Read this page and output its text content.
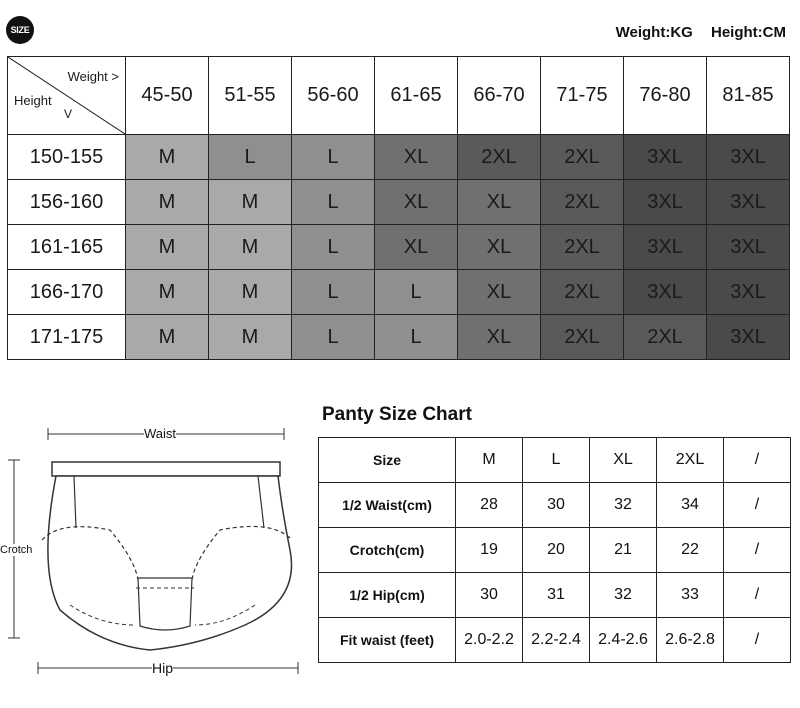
SIZE	Weight:KG Height:CM
Weight >
Height
V	45-50	51-55	56-60	61-65	66-70	71-75	76-80	81-85
150-155	M	L	L	XL	2XL	2XL	3XL	3XL
156-160	M	M	L	XL	XL	2XL	3XL	3XL
161-165	M	M	L	XL	XL	2XL	3XL	3XL
166-170	M	M	L	L	XL	2XL	3XL	3XL
171-175	M	M	L	L	XL	2XL	2XL	3XL
Waist
Crotch
Hip
Panty Size Chart
Size	M	L	XL	2XL	/
1/2 Waist(cm)	28	30	32	34	/
Crotch(cm)	19	20	21	22	/
1/2 Hip(cm)	30	31	32	33	/
Fit waist (feet)	2.0-2.2	2.2-2.4	2.4-2.6	2.6-2.8	/
